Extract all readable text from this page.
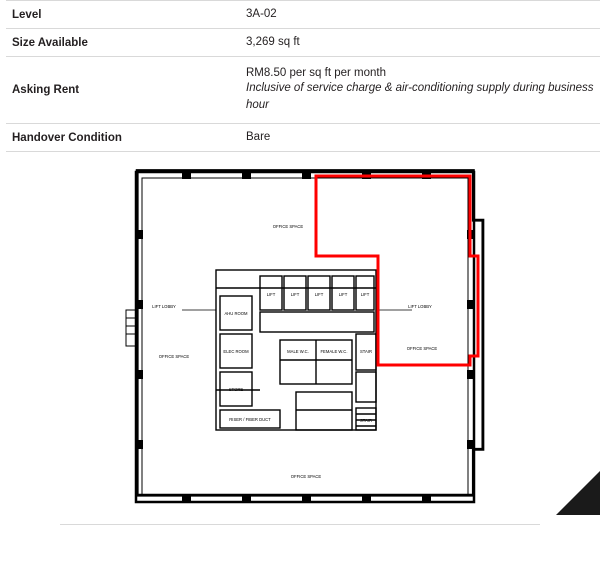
Level	3A-02

Size Available	3,269 sq ft

Asking Rent	RM8.50 per sq ft per month
Inclusive of service charge & air-conditioning supply during business hour

Handover Condition	Bare
OFFICE SPACE
OFFICE SPACE
OFFICE SPACE
OFFICE SPACE
LIFT LOBBY	LIFT LOBBY
RISER / FIBER DUCT
AHU ROOM
ELEC ROOM
STORE
LIFT	LIFT	LIFT	LIFT	LIFT
MALE W.C.	FEMALE W.C.	STAIR
STAIR
